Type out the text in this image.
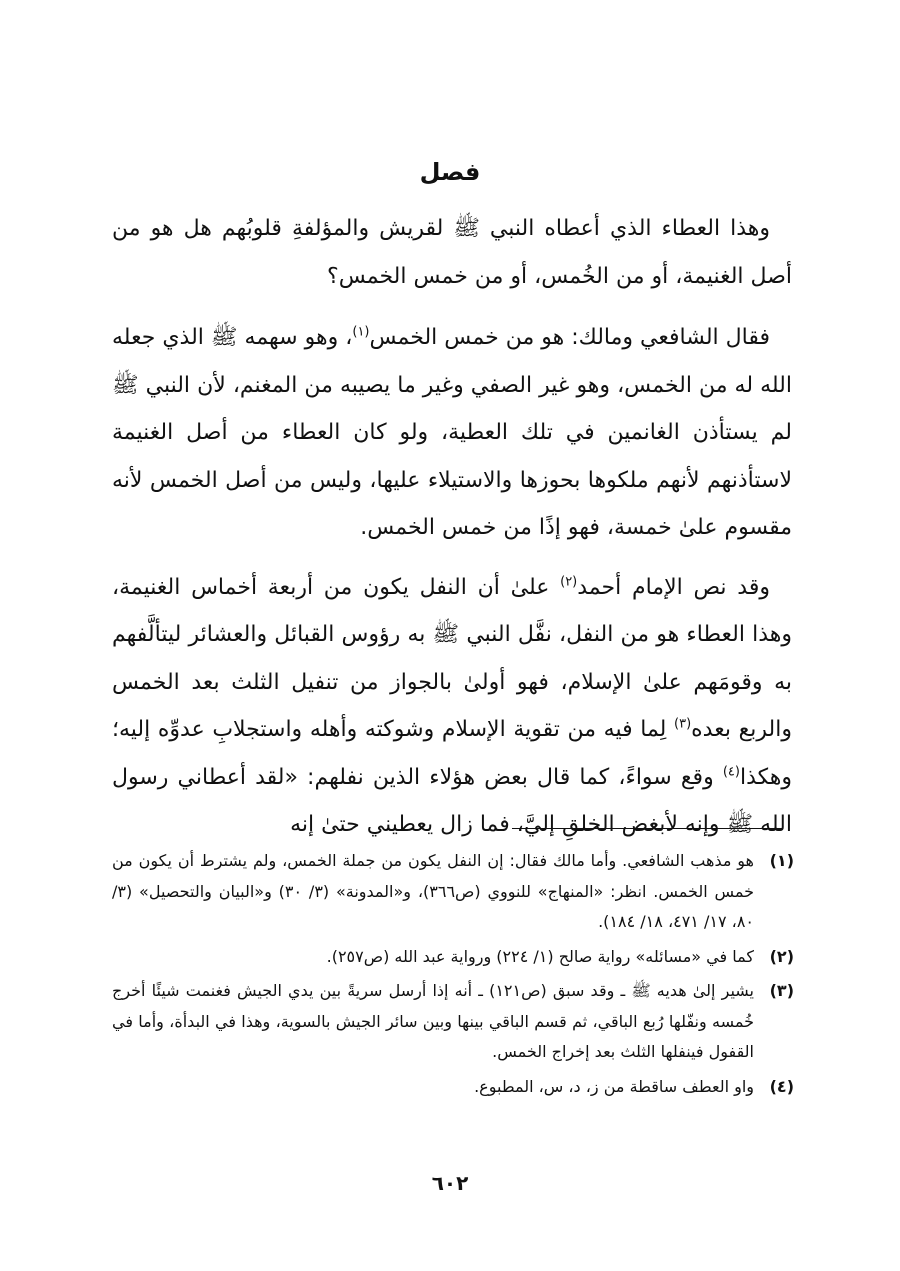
فصل

وهذا العطاء الذي أعطاه النبي ﷺ لقريش والمؤلفةِ قلوبُهم هل هو من أصل الغنيمة، أو من الخُمس، أو من خمس الخمس؟

فقال الشافعي ومالك: هو من خمس الخمس$^{(١)}$، وهو سهمه ﷺ الذي جعله الله له من الخمس، وهو غير الصفي وغير ما يصيبه من المغنم، لأن النبي ﷺ لم يستأذن الغانمين في تلك العطية، ولو كان العطاء من أصل الغنيمة لاستأذنهم لأنهم ملكوها بحوزها والاستيلاء عليها، وليس من أصل الخمس لأنه مقسوم علىٰ خمسة، فهو إذًا من خمس الخمس.

وقد نص الإمام أحمد$^{(٢)}$ علىٰ أن النفل يكون من أربعة أخماس الغنيمة، وهذا العطاء هو من النفل، نفَّل النبي ﷺ به رؤوس القبائل والعشائر ليتألَّفهم به وقومَهم علىٰ الإسلام، فهو أولىٰ بالجواز من تنفيل الثلث بعد الخمس والربع بعده$^{(٣)}$ لِما فيه من تقوية الإسلام وشوكته وأهله واستجلابِ عدوِّه إليه؛ وهكذا$^{(٤)}$ وقع سواءً، كما قال بعض هؤلاء الذين نفلهم: «لقد أعطاني رسول الله ﷺ وإنه لأبغض الخلقِ إليَّ، فما زال يعطيني حتىٰ إنه

(١)
هو مذهب الشافعي. وأما مالك فقال: إن النفل يكون من جملة الخمس، ولم يشترط أن يكون من خمس الخمس. انظر: «المنهاج» للنووي (ص٣٦٦)، و«المدونة» (٣/ ٣٠) و«البيان والتحصيل» (٣/ ٨٠، ١٧/ ٤٧١، ١٨/ ١٨٤).
(٢)
كما في «مسائله» رواية صالح (١/ ٢٢٤) ورواية عبد الله (ص٢٥٧).
(٣)
يشير إلىٰ هديه ﷺ ـ وقد سبق (ص١٢١) ـ أنه إذا أرسل سريةً بين يدي الجيش فغنمت شيئًا أخرج خُمسه ونفّلها رُبع الباقي، ثم قسم الباقي بينها وبين سائر الجيش بالسوية، وهذا في البدأة، وأما في القفول فينفلها الثلث بعد إخراج الخمس.
(٤)
واو العطف ساقطة من ز، د، س، المطبوع.
٦٠٢
